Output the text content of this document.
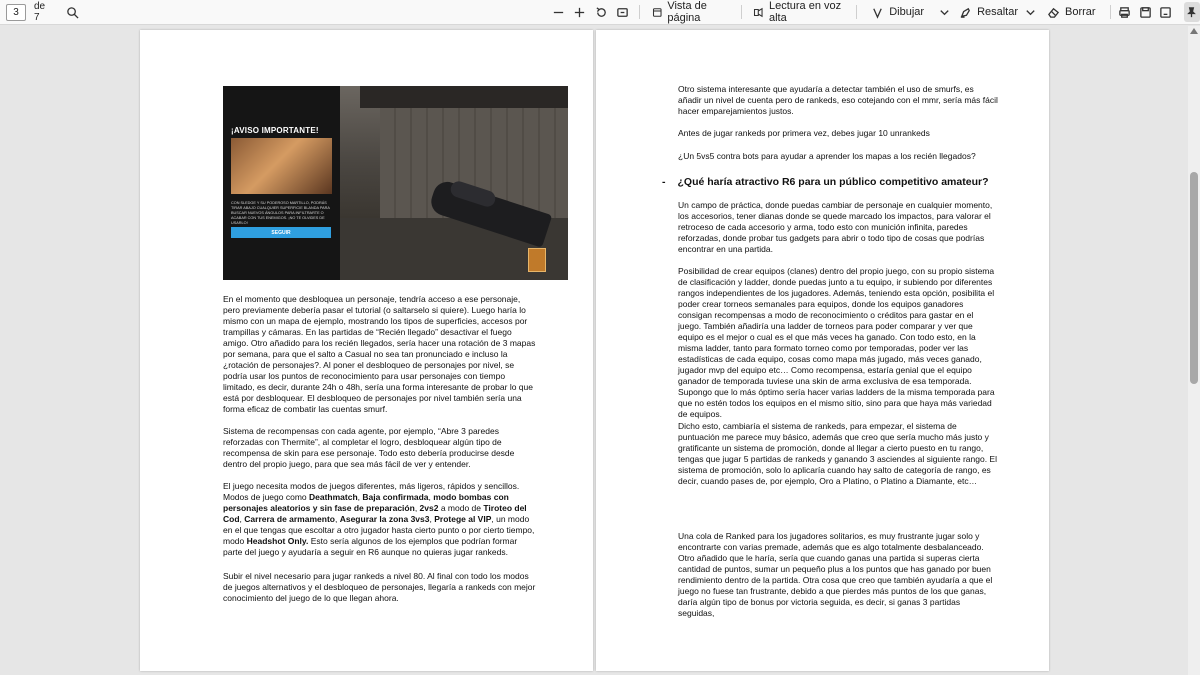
3
de 7
Vista de página
Lectura en voz alta	Dibujar	Resaltar	Borrar
¡AVISO IMPORTANTE!
CON SLEDGE Y SU PODEROSO MARTILLO, PODRÁS TIRAR ABAJO CUALQUIER SUPERFICIE BLANDA PARA BUSCAR NUEVOS ÁNGULOS PARA INFILTRARTE O ACABAR CON TUS ENEMIGOS. ¡NO TE OLVIDES DE USARLO!
SEGUIR

En el momento que desbloquea un personaje, tendría acceso a ese personaje, pero previamente debería pasar el tutorial (o saltarselo si quiere). Luego haría lo mismo con un mapa de ejemplo, mostrando los tipos de superficies, accesos por trampillas y cámaras. En las partidas de “Recién llegado” desactivar el fuego amigo. Otro añadido para los recién llegados, sería hacer una rotación de 3 mapas por semana, para que el salto a Casual no sea tan pronunciado e incluso la ¿rotación de personajes?. Al poner el desbloqueo de personajes por nivel, se podría usar los puntos de reconocimiento para usar personajes con tiempo limitado, es decir, durante 24h o 48h, sería una forma interesante de probar lo que está por desbloquear. El desbloqueo de personajes por nivel también sería una forma eficaz de combatir las cuentas smurf.

Sistema de recompensas con cada agente, por ejemplo, “Abre 3 paredes reforzadas con Thermite”, al completar el logro, desbloquear algún tipo de recompensa de skin para ese personaje. Todo esto debería producirse desde dentro del propio juego, para que sea más fácil de ver y entender.

El juego necesita modos de juegos diferentes, más ligeros, rápidos y sencillos. Modos de juego como Deathmatch, Baja confirmada, modo bombas con personajes aleatorios y sin fase de preparación, 2vs2 a modo de Tiroteo del Cod, Carrera de armamento, Asegurar la zona 3vs3, Protege al VIP, un modo en el que tengas que escoltar a otro jugador hasta cierto punto o por cierto tiempo, modo Headshot Only. Esto sería algunos de los ejemplos que podrían formar parte del juego y ayudaría a seguir en R6 aunque no quieras jugar rankeds.

Subir el nivel necesario para jugar rankeds a nivel 80. Al final con todo los modos de juegos alternativos y el desbloqueo de personajes, llegaría a rankeds con mejor conocimiento del juego de lo que llegan ahora.

Otro sistema interesante que ayudaría a detectar también el uso de smurfs, es añadir un nivel de cuenta pero de rankeds, eso cotejando con el mmr, sería más fácil hacer emparejamientos justos.

Antes de jugar rankeds por primera vez, debes jugar 10 unrankeds

¿Un 5vs5 contra bots para ayudar a aprender los mapas a los recién llegados?

- ¿Qué haría atractivo R6 para un público competitivo amateur?

Un campo de práctica, donde puedas cambiar de personaje en cualquier momento, los accesorios, tener dianas donde se quede marcado los impactos, para valorar el retroceso de cada accesorio y arma, todo esto con munición infinita, paredes reforzadas, donde probar tus gadgets para abrir o todo tipo de cosas que podrías encontrar en una partida.

Posibilidad de crear equipos (clanes) dentro del propio juego, con su propio sistema de clasificación y ladder, donde puedas junto a tu equipo, ir subiendo por diferentes rangos independientes de los jugadores. Además, teniendo esta opción, posibilita el poder crear torneos semanales para equipos, donde los equipos ganadores consigan recompensas a modo de reconocimiento o créditos para gastar en el juego. También añadiría una ladder de torneos para poder comparar y ver que equipo es el mejor o cual es el que más veces ha ganado. Con todo esto, en la misma ladder, tanto para formato torneo como por temporadas, poder ver las estadísticas de cada equipo, cosas como mapa más jugado, más veces ganado, jugador mvp del equipo etc… Como recompensa, estaría genial que el equipo ganador de temporada tuviese una skin de arma exclusiva de esa temporada. Supongo que lo más óptimo sería hacer varias ladders de la misma temporada para que no estén todos los equipos en el mismo sitio, sino para que haya más variedad de equipos.

Dicho esto, cambiaría el sistema de rankeds, para empezar, el sistema de puntuación me parece muy básico, además que creo que sería mucho más justo y gratificante un sistema de promoción, donde al llegar a cierto puesto en tu rango, tengas que jugar 5 partidas de rankeds y ganando 3 asciendes al siguiente rango. El sistema de promoción, solo lo aplicaría cuando hay salto de categoría de rango, es decir, cuando pases de, por ejemplo, Oro a Platino, o Platino a Diamante, etc…

Una cola de Ranked para los jugadores solitarios, es muy frustrante jugar solo y encontrarte con varias premade, además que es algo totalmente desbalanceado. Otro añadido que le haría, sería que cuando ganas una partida si superas cierta cantidad de puntos, sumar un pequeño plus a los puntos que has ganado por buen rendimiento dentro de la partida. Otra cosa que creo que también ayudaría a que el juego no fuese tan frustrante, debido a que pierdes más puntos de los que ganas, daría algún tipo de bonus por victoria seguida, es decir, si ganas 3 partidas seguidas,
